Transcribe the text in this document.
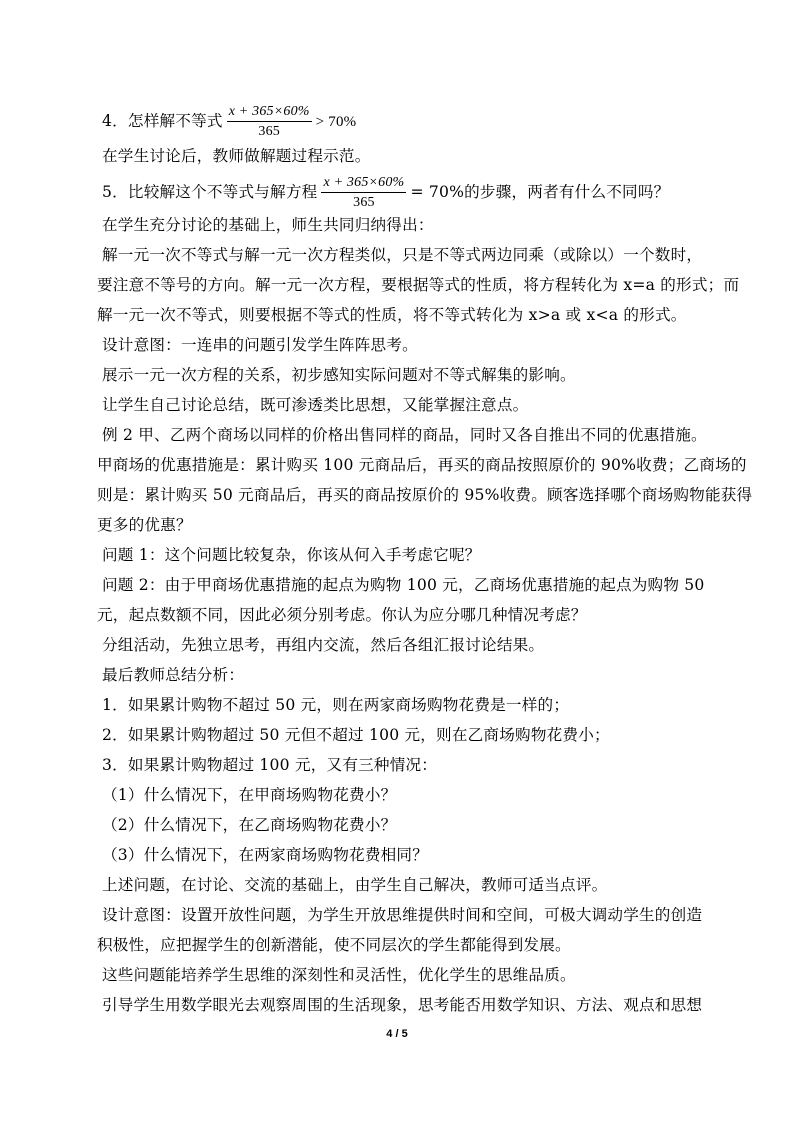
4．怎样解不等式 $\frac{x + 365\times 60\%}{365} > 70\%$
在学生讨论后，教师做解题过程示范。
5．比较解这个不等式与解方程 $\frac{x + 365\times 60\%}{365} = 70\%$的步骤，两者有什么不同吗？
在学生充分讨论的基础上，师生共同归纳得出：
解一元一次不等式与解一元一次方程类似，只是不等式两边同乘（或除以）一个数时，
要注意不等号的方向。解一元一次方程，要根据等式的性质，将方程转化为 x=a 的形式；而
解一元一次不等式，则要根据不等式的性质，将不等式转化为 x>a 或 x<a 的形式。
设计意图：一连串的问题引发学生阵阵思考。
展示一元一次方程的关系，初步感知实际问题对不等式解集的影响。
让学生自己讨论总结，既可渗透类比思想，又能掌握注意点。
例 2 甲、乙两个商场以同样的价格出售同样的商品，同时又各自推出不同的优惠措施。
甲商场的优惠措施是：累计购买 100 元商品后，再买的商品按照原价的 90%收费；乙商场的
则是：累计购买 50 元商品后，再买的商品按原价的 95%收费。顾客选择哪个商场购物能获得
更多的优惠？
问题 1：这个问题比较复杂，你该从何入手考虑它呢？
问题 2：由于甲商场优惠措施的起点为购物 100 元，乙商场优惠措施的起点为购物 50
元，起点数额不同，因此必须分别考虑。你认为应分哪几种情况考虑？
分组活动，先独立思考，再组内交流，然后各组汇报讨论结果。
最后教师总结分析：
1．如果累计购物不超过 50 元，则在两家商场购物花费是一样的；
2．如果累计购物超过 50 元但不超过 100 元，则在乙商场购物花费小；
3．如果累计购物超过 100 元，又有三种情况：
（1）什么情况下，在甲商场购物花费小？
（2）什么情况下，在乙商场购物花费小？
（3）什么情况下，在两家商场购物花费相同？
上述问题，在讨论、交流的基础上，由学生自己解决，教师可适当点评。
设计意图：设置开放性问题，为学生开放思维提供时间和空间，可极大调动学生的创造
积极性，应把握学生的创新潜能，使不同层次的学生都能得到发展。
这些问题能培养学生思维的深刻性和灵活性，优化学生的思维品质。
引导学生用数学眼光去观察周围的生活现象，思考能否用数学知识、方法、观点和思想
4 / 5
